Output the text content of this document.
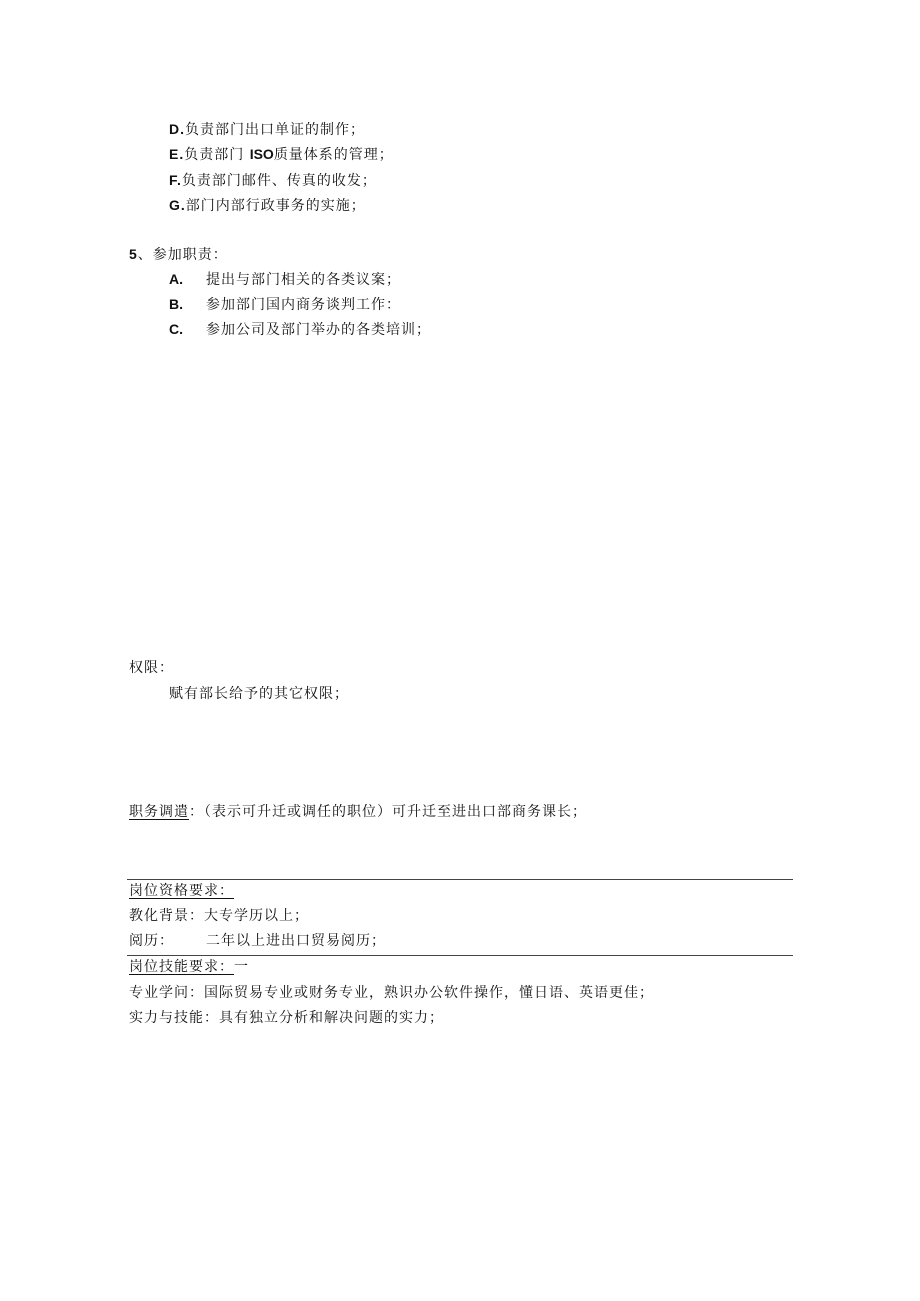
D.负责部门出口单证的制作；
E.负责部门 ISO质量体系的管理；
F.负责部门邮件、传真的收发；
G.部门内部行政事务的实施；
5、参加职责：
A. 提出与部门相关的各类议案；
B. 参加部门国内商务谈判工作：
C. 参加公司及部门举办的各类培训；
权限：
赋有部长给予的其它权限；
职务调遣：（表示可升迁或调任的职位）可升迁至进出口部商务课长；
岗位资格要求：
教化背景：大专学历以上；
阅历： 二年以上进出口贸易阅历；
岗位技能要求：一
专业学问：国际贸易专业或财务专业，熟识办公软件操作，懂日语、英语更佳；
实力与技能：具有独立分析和解决问题的实力；
